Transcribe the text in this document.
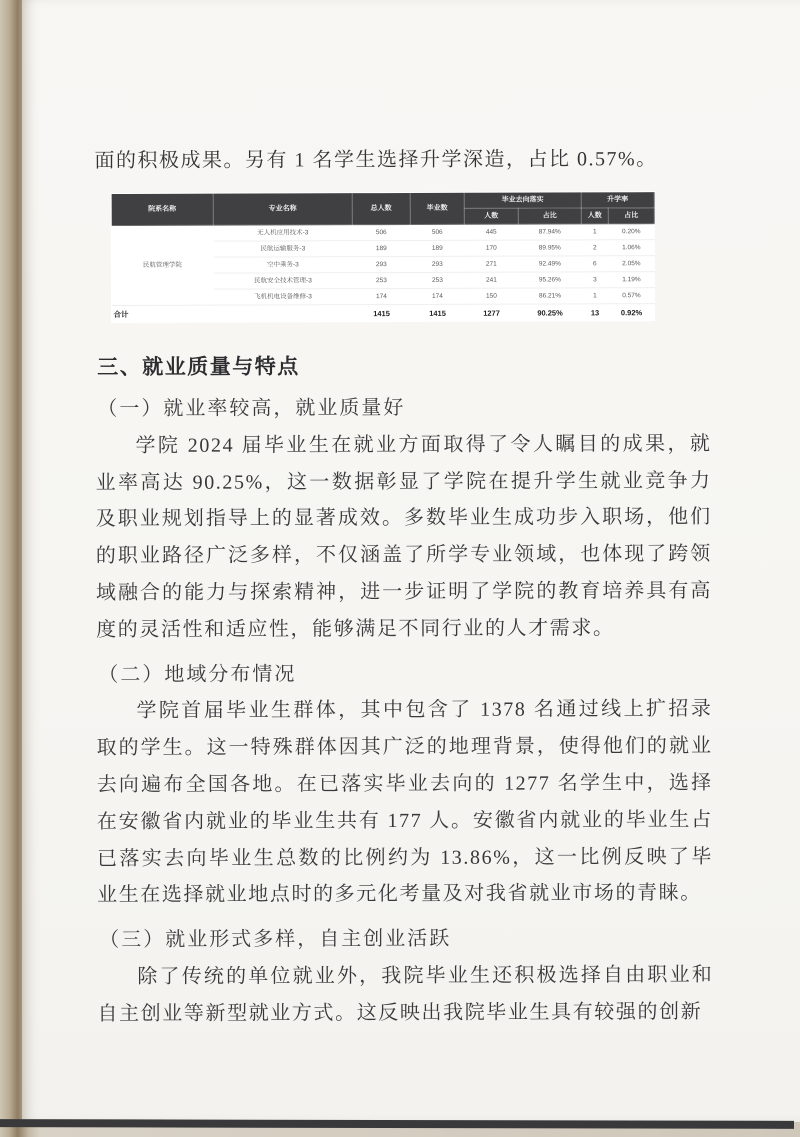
面的积极成果。另有 1 名学生选择升学深造，占比 0.57%。

院系名称	专业名称	总人数	毕业数	毕业去向落实		升学率	
				人数	占比	人数	占比
民航管理学院	无人机应用技术-3	506	506	445	87.94%	1	0.20%
	民航运输服务-3	189	189	170	89.95%	2	1.06%
	空中乘务-3	293	293	271	92.49%	6	2.05%
	民航安全技术管理-3	253	253	241	95.26%	3	1.19%
	飞机机电设备维修-3	174	174	150	86.21%	1	0.57%
合计		1415	1415	1277	90.25%	13	0.92%
三、就业质量与特点
（一）就业率较高，就业质量好

学院 2024 届毕业生在就业方面取得了令人瞩目的成果，就业率高达 90.25%，这一数据彰显了学院在提升学生就业竞争力及职业规划指导上的显著成效。多数毕业生成功步入职场，他们的职业路径广泛多样，不仅涵盖了所学专业领域，也体现了跨领域融合的能力与探索精神，进一步证明了学院的教育培养具有高度的灵活性和适应性，能够满足不同行业的人才需求。

（二）地域分布情况

学院首届毕业生群体，其中包含了 1378 名通过线上扩招录取的学生。这一特殊群体因其广泛的地理背景，使得他们的就业去向遍布全国各地。在已落实毕业去向的 1277 名学生中，选择在安徽省内就业的毕业生共有 177 人。安徽省内就业的毕业生占已落实去向毕业生总数的比例约为 13.86%，这一比例反映了毕业生在选择就业地点时的多元化考量及对我省就业市场的青睐。

（三）就业形式多样，自主创业活跃

除了传统的单位就业外，我院毕业生还积极选择自由职业和自主创业等新型就业方式。这反映出我院毕业生具有较强的创新
